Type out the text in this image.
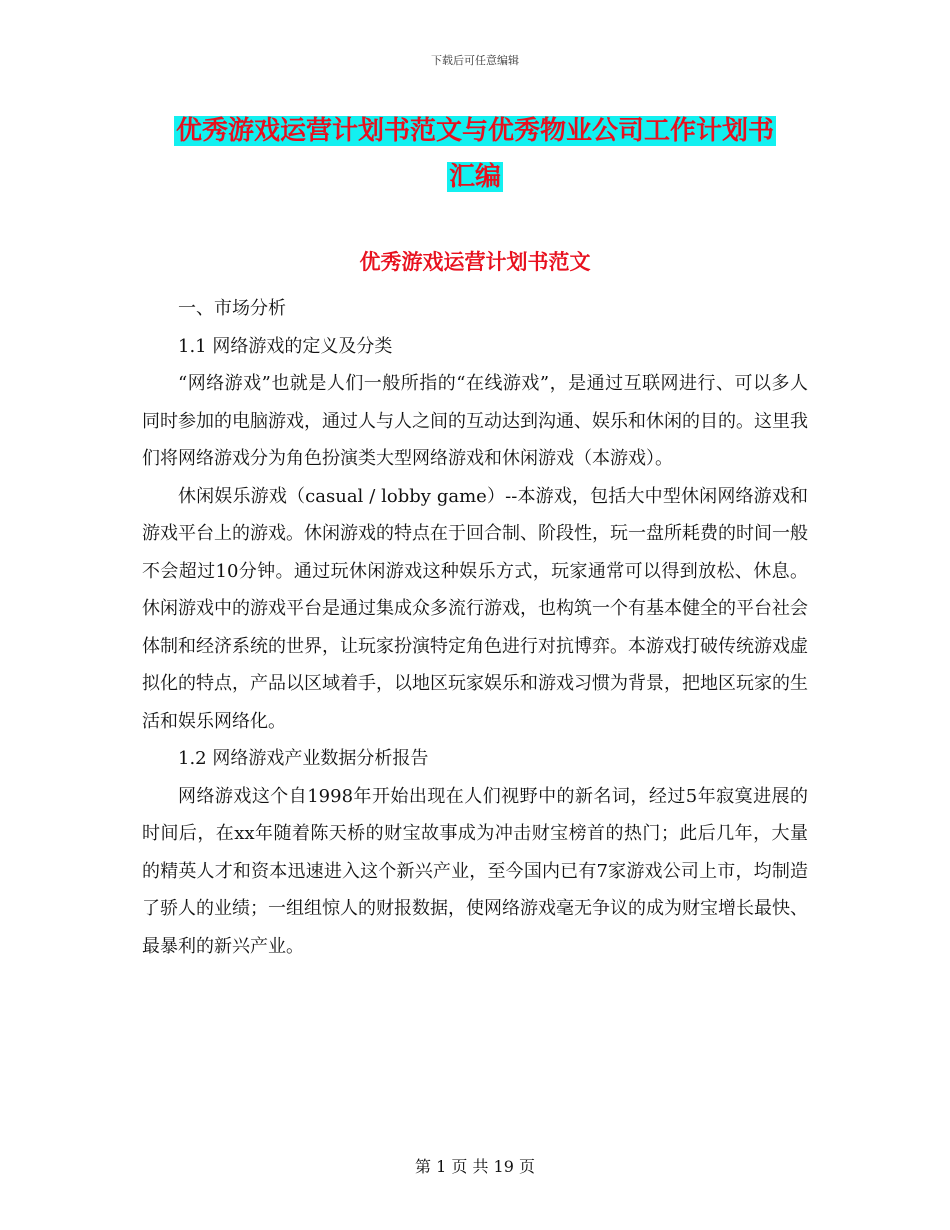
下载后可任意编辑
优秀游戏运营计划书范文与优秀物业公司工作计划书
汇编
优秀游戏运营计划书范文

一、市场分析

1.1 网络游戏的定义及分类

“网络游戏”也就是人们一般所指的“在线游戏”，是通过互联网进行、可以多人同时参加的电脑游戏，通过人与人之间的互动达到沟通、娱乐和休闲的目的。这里我们将网络游戏分为角色扮演类大型网络游戏和休闲游戏（本游戏）。

休闲娱乐游戏（casual / lobby game）--本游戏，包括大中型休闲网络游戏和游戏平台上的游戏。休闲游戏的特点在于回合制、阶段性，玩一盘所耗费的时间一般不会超过10分钟。通过玩休闲游戏这种娱乐方式，玩家通常可以得到放松、休息。休闲游戏中的游戏平台是通过集成众多流行游戏，也构筑一个有基本健全的平台社会体制和经济系统的世界，让玩家扮演特定角色进行对抗博弈。本游戏打破传统游戏虚拟化的特点，产品以区域着手，以地区玩家娱乐和游戏习惯为背景，把地区玩家的生活和娱乐网络化。

1.2 网络游戏产业数据分析报告

网络游戏这个自1998年开始出现在人们视野中的新名词，经过5年寂寞进展的时间后，在xx年随着陈天桥的财宝故事成为冲击财宝榜首的热门；此后几年，大量的精英人才和资本迅速进入这个新兴产业，至今国内已有7家游戏公司上市，均制造了骄人的业绩；一组组惊人的财报数据，使网络游戏毫无争议的成为财宝增长最快、最暴利的新兴产业。

第 1 页 共 19 页
